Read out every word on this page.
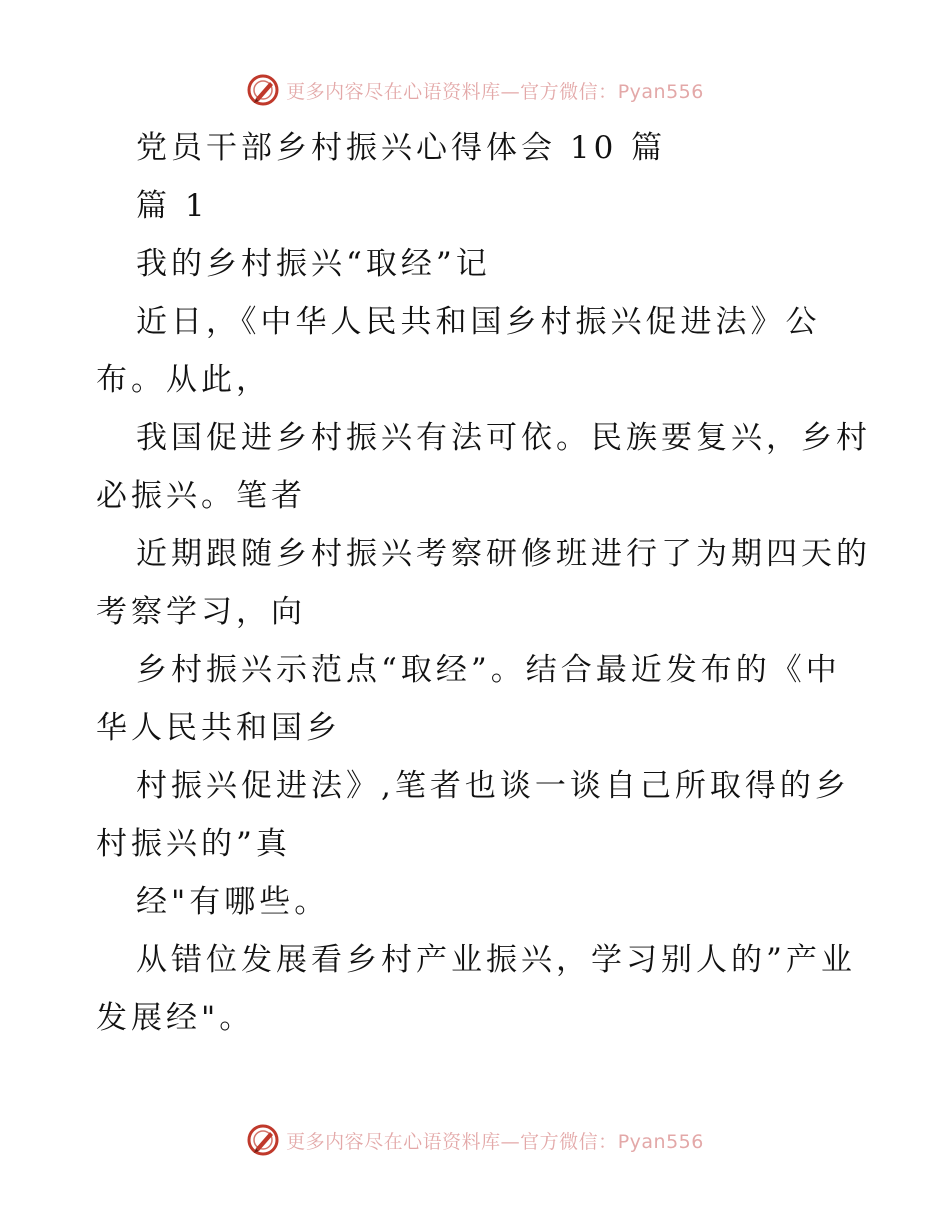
更多内容尽在心语资料库—官方微信：Pyan556
党员干部乡村振兴心得体会 10 篇
篇 1
我的乡村振兴“取经”记
近日，《中华人民共和国乡村振兴促进法》公
布。从此，
我国促进乡村振兴有法可依。民族要复兴，乡村
必振兴。笔者
近期跟随乡村振兴考察研修班进行了为期四天的
考察学习，向
乡村振兴示范点“取经”。结合最近发布的《中
华人民共和国乡
村振兴促进法》,笔者也谈一谈自己所取得的乡
村振兴的”真
经"有哪些。
从错位发展看乡村产业振兴，学习别人的”产业
发展经"。
更多内容尽在心语资料库—官方微信：Pyan556
